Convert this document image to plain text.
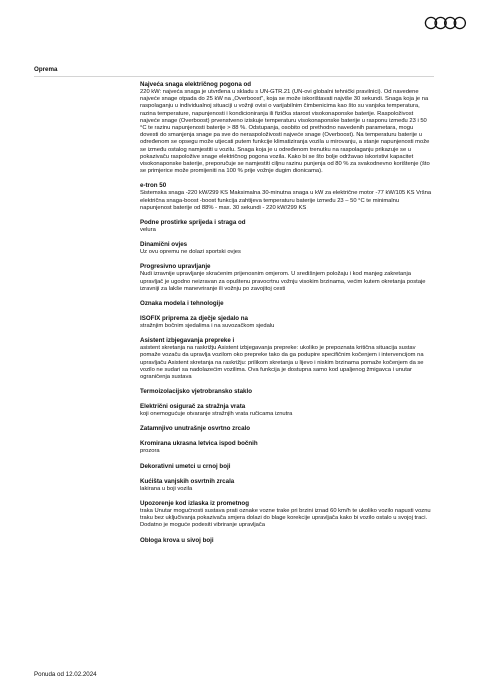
Oprema
Najveća snaga električnog pogona od
220 kW: najveća snaga je utvrđena u skladu s UN-GTR.21 (UN-ovi globalni tehnički pravilnici). Od navedene najveće snage otpada do 25 kW na „Overboost", koja se može iskorištavati najviše 30 sekundi. Snaga koja je na raspolaganju u individualnoj situaciji u vožnji ovisi o varijabilnim čimbenicima kao što su vanjska temperatura, razina temperature, napunjenosti i kondicioniranja ili fizička starost visokonaponske baterije. Raspoloživost najveće snage (Overboost) prvenstveno iziskuje temperaturu visokonaponske baterije u rasponu između 23 i 50 °C te razinu napunjenosti baterije > 88 %. Odstupanja, osobito od prethodno navedenih parametara, mogu dovesti do smanjenja snage pa sve do neraspoloživosti najveće snage (Overboost). Na temperaturu baterije u određenom se opsegu može utjecati putem funkcije klimatiziranja vozila u mirovanju, a stanje napunjenosti može se između ostalog namjestiti u vozilu. Snaga koja je u određenom trenutku na raspolaganju prikazuje se u pokazivaču raspoložive snage električnog pogona vozila. Kako bi se što bolje održavao iskoristivi kapacitet visokonaponske baterije, preporučuje se namjestiti ciljnu razinu punjenja od 80 % za svakodnevno korištenje (što se primjerice može promijeniti na 100 % prije vožnje dugim dionicama).
e-tron 50
Sistemska snaga -220 kW/299 KS Maksimalna 30-minutna snaga u kW za električne motor -77 kW/105 KS Vršna električna snaga-boost -boost funkcija zahtijeva temperaturu baterije između 23 – 50 °C te minimalnu napunjenost baterije od 88% - max. 30 sekundi - 220 kW/299 KS
Podne prostirke sprijeda i straga od
velura
Dinamični ovjes
Uz ovu opremu ne dolazi sportski ovjes
Progresivno upravljanje
Nudi izravnije upravljanje skraćenim prijenosnim omjerom. U središnjem položaju i kod manjeg zakretanja upravljač je ugodno neizravan za opuštenu pravocrtnu vožnju visokim brzinama, većim kutem okretanja postaje izravniji za lakše manevriranje ili vožnju po zavojitoj cesti
Oznaka modela i tehnologije
ISOFIX priprema za dječje sjedalo na
stražnjim bočnim sjedalima i na suvozačkom sjedalu
Asistent izbjegavanja prepreke i
asistent skretanja na raskrižju Asistent izbjegavanja prepreke: ukoliko je prepoznata kritična situacija sustav pomaže vozaču da upravlja vozilom oko prepreke tako da ga podupire specifičnim kočenjem i intervencijom na upravljaču Asistent skretanja na raskrižju: prilikom skretanja u lijevo i niskim brzinama pomaže kočenjem da se vozilo ne sudari sa nadolazećim vozilima. Ova funkcija je dostupna samo kod upaljenog žmigavca i unutar ograničenja sustava
Termoizolacijsko vjetrobransko staklo
Električni osigurač za stražnja vrata
koji onemogućuje otvaranje stražnjih vrata ručicama iznutra
Zatamnjivo unutrašnje osvrtno zrcalo
Kromirana ukrasna letvica ispod bočnih
prozora
Dekorativni umetci u crnoj boji
Kućišta vanjskih osvrtnih zrcala
lakirana u boji vozila
Upozorenje kod izlaska iz prometnog
traka Unutar mogućnosti sustava prati oznake vozne trake pri brzini iznad 60 km/h te ukoliko vozilo napusti voznu traku bez uključivanja pokazivača smjera dolazi do blage korekcije upravljača kako bi vozilo ostalo u svojoj traci. Dodatno je moguće podesiti vibriranje upravljača
Obloga krova u sivoj boji
Ponuda od 12.02.2024
